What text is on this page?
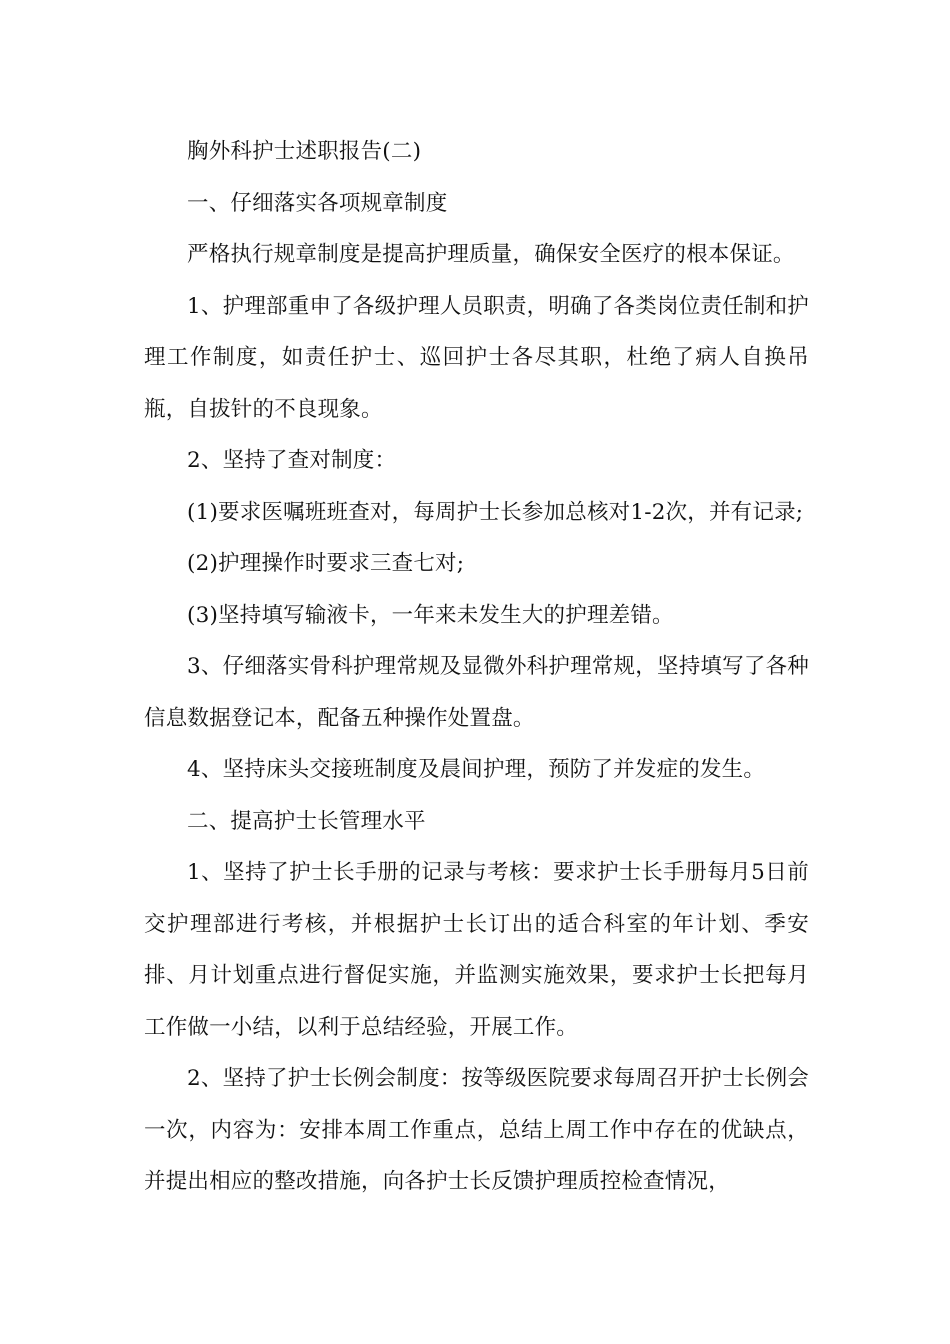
胸外科护士述职报告(二)

一、仔细落实各项规章制度

严格执行规章制度是提高护理质量，确保安全医疗的根本保证。

1、护理部重申了各级护理人员职责，明确了各类岗位责任制和护理工作制度，如责任护士、巡回护士各尽其职，杜绝了病人自换吊瓶，自拔针的不良现象。

2、坚持了查对制度：

(1)要求医嘱班班查对，每周护士长参加总核对1-2次，并有记录;

(2)护理操作时要求三查七对;

(3)坚持填写输液卡，一年来未发生大的护理差错。

3、仔细落实骨科护理常规及显微外科护理常规，坚持填写了各种信息数据登记本，配备五种操作处置盘。

4、坚持床头交接班制度及晨间护理，预防了并发症的发生。

二、提高护士长管理水平

1、坚持了护士长手册的记录与考核：要求护士长手册每月5日前交护理部进行考核，并根据护士长订出的适合科室的年计划、季安排、月计划重点进行督促实施，并监测实施效果，要求护士长把每月工作做一小结，以利于总结经验，开展工作。

2、坚持了护士长例会制度：按等级医院要求每周召开护士长例会一次，内容为：安排本周工作重点，总结上周工作中存在的优缺点，并提出相应的整改措施，向各护士长反馈护理质控检查情况，
